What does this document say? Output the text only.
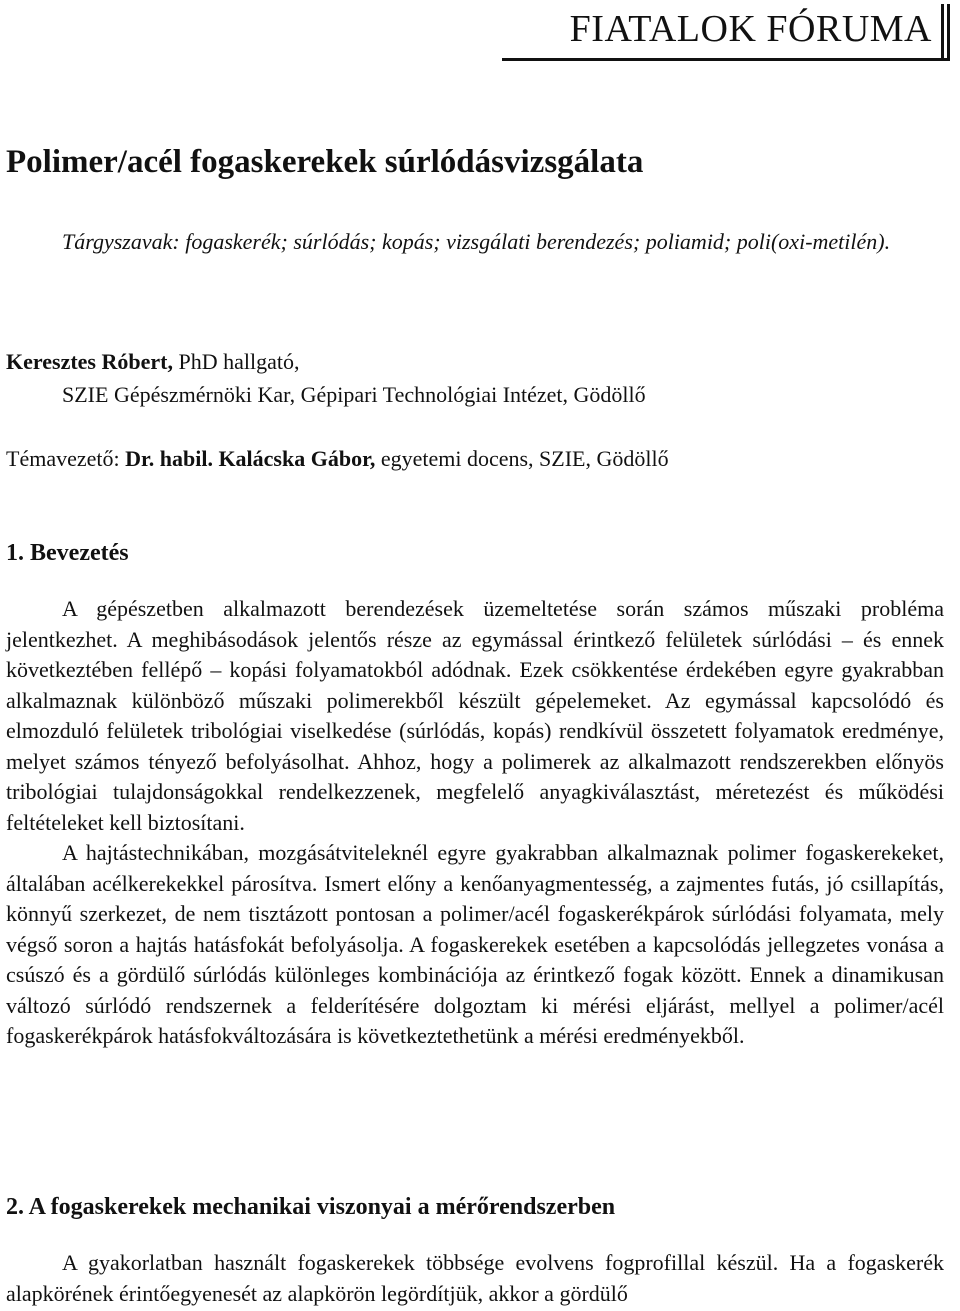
FIATALOK FÓRUMA
Polimer/acél fogaskerekek súrlódásvizsgálata

Tárgyszavak: fogaskerék; súrlódás; kopás; vizsgálati berendezés; poliamid; poli(oxi-metilén).

Keresztes Róbert, PhD hallgató,
SZIE Gépészmérnöki Kar, Gépipari Technológiai Intézet, Gödöllő
Témavezető: Dr. habil. Kalácska Gábor, egyetemi docens, SZIE, Gödöllő
1. Bevezetés

A gépészetben alkalmazott berendezések üzemeltetése során számos műszaki probléma jelentkezhet. A meghibásodások jelentős része az egymással érintkező felületek súrlódási – és ennek következtében fellépő – kopási folyamatokból adódnak. Ezek csökkentése érdekében egyre gyakrabban alkalmaznak különböző műszaki polimerekből készült gépelemeket. Az egymással kapcsolódó és elmozduló felületek tribológiai viselkedése (súrlódás, kopás) rendkívül összetett folyamatok eredménye, melyet számos tényező befolyásolhat. Ahhoz, hogy a polimerek az alkalmazott rendszerekben előnyös tribológiai tulajdonságokkal rendelkezzenek, megfelelő anyagkiválasztást, méretezést és működési feltételeket kell biztosítani.

A hajtástechnikában, mozgásátviteleknél egyre gyakrabban alkalmaznak polimer fogaskerekeket, általában acélkerekekkel párosítva. Ismert előny a kenőanyagmentesség, a zajmentes futás, jó csillapítás, könnyű szerkezet, de nem tisztázott pontosan a polimer/acél fogaskerékpárok súrlódási folyamata, mely végső soron a hajtás hatásfokát befolyásolja. A fogaskerekek esetében a kapcsolódás jellegzetes vonása a csúszó és a gördülő súrlódás különleges kombinációja az érintkező fogak között. Ennek a dinamikusan változó súrlódó rendszernek a felderítésére dolgoztam ki mérési eljárást, mellyel a polimer/acél fogaskerékpárok hatásfokváltozására is következtethetünk a mérési eredményekből.

2. A fogaskerekek mechanikai viszonyai a mérőrendszerben

A gyakorlatban használt fogaskerekek többsége evolvens fogprofillal készül. Ha a fogaskerék alapkörének érintőegyenesét az alapkörön legördítjük, akkor a gördülő
